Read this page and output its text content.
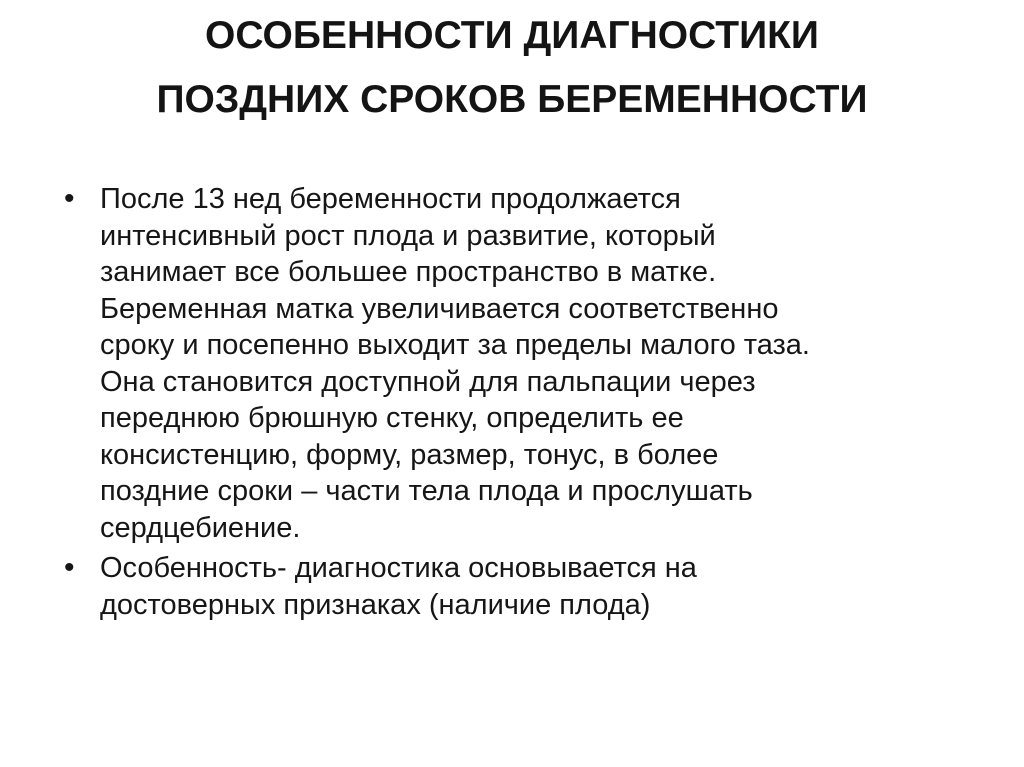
ОСОБЕННОСТИ ДИАГНОСТИКИ
ПОЗДНИХ СРОКОВ БЕРЕМЕННОСТИ
• После 13 нед беременности продолжается
интенсивный рост плода и развитие, который
занимает все большее пространство в матке.
Беременная матка увеличивается соответственно
сроку и посепенно выходит за пределы малого таза.
Она становится доступной для пальпации через
переднюю брюшную стенку, определить ее
консистенцию, форму, размер, тонус, в более
поздние сроки – части тела плода и прослушать
сердцебиение.
• Особенность- диагностика основывается на
достоверных признаках (наличие плода)
